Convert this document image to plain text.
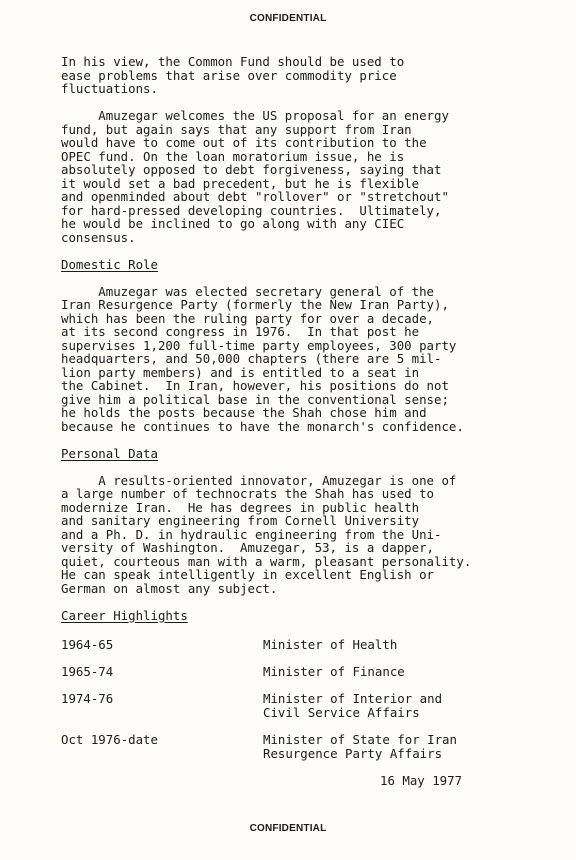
CONFIDENTIAL

In his view, the Common Fund should be used to
ease problems that arise over commodity price
fluctuations.

Amuzegar welcomes the US proposal for an energy
fund, but again says that any support from Iran
would have to come out of its contribution to the
OPEC fund. On the loan moratorium issue, he is
absolutely opposed to debt forgiveness, saying that
it would set a bad precedent, but he is flexible
and openminded about debt "rollover" or "stretchout"
for hard-pressed developing countries.  Ultimately,
he would be inclined to go along with any CIEC
consensus.

Domestic Role

Amuzegar was elected secretary general of the
Iran Resurgence Party (formerly the New Iran Party),
which has been the ruling party for over a decade,
at its second congress in 1976.  In that post he
supervises 1,200 full-time party employees, 300 party
headquarters, and 50,000 chapters (there are 5 mil-
lion party members) and is entitled to a seat in
the Cabinet.  In Iran, however, his positions do not
give him a political base in the conventional sense;
he holds the posts because the Shah chose him and
because he continues to have the monarch's confidence.

Personal Data

A results-oriented innovator, Amuzegar is one of
a large number of technocrats the Shah has used to
modernize Iran.  He has degrees in public health
and sanitary engineering from Cornell University
and a Ph. D. in hydraulic engineering from the Uni-
versity of Washington.  Amuzegar, 53, is a dapper,
quiet, courteous man with a warm, pleasant personality.
He can speak intelligently in excellent English or
German on almost any subject.

Career Highlights
1964-65	Minister of Health
1965-74	Minister of Finance
1974-76	Minister of Interior and
Civil Service Affairs
Oct 1976-date	Minister of State for Iran
Resurgence Party Affairs
16 May 1977
CONFIDENTIAL
